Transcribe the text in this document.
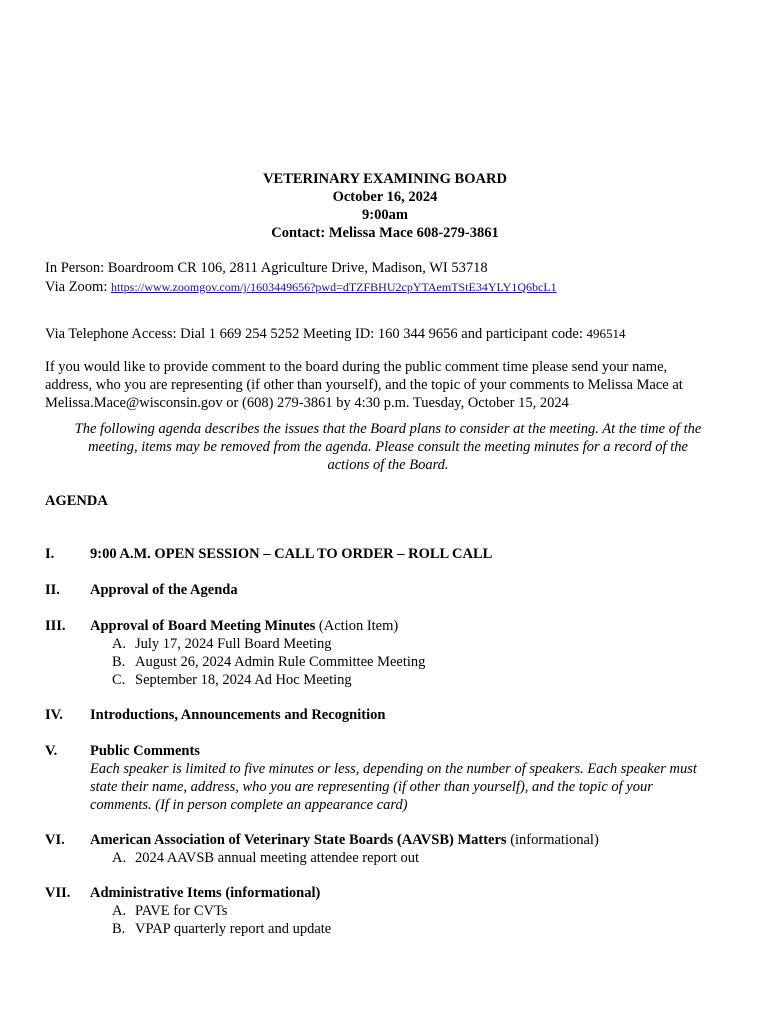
VETERINARY EXAMINING BOARD
October 16, 2024
9:00am
Contact: Melissa Mace 608-279-3861
In Person: Boardroom CR 106, 2811 Agriculture Drive, Madison, WI 53718
Via Zoom: https://www.zoomgov.com/j/1603449656?pwd=dTZFBHU2cpYTAemTStE34YLY1Q6bcL1
Via Telephone Access: Dial 1 669 254 5252 Meeting ID: 160 344 9656 and participant code: 496514
If you would like to provide comment to the board during the public comment time please send your name,
address, who you are representing (if other than yourself), and the topic of your comments to Melissa Mace at
Melissa.Mace@wisconsin.gov or (608) 279-3861 by 4:30 p.m. Tuesday, October 15, 2024
The following agenda describes the issues that the Board plans to consider at the meeting. At the time of the
meeting, items may be removed from the agenda. Please consult the meeting minutes for a record of the
actions of the Board.
AGENDA
I. 9:00 A.M. OPEN SESSION – CALL TO ORDER – ROLL CALL
II. Approval of the Agenda
III. Approval of Board Meeting Minutes (Action Item)
A. July 17, 2024 Full Board Meeting
B. August 26, 2024 Admin Rule Committee Meeting
C. September 18, 2024 Ad Hoc Meeting
IV. Introductions, Announcements and Recognition
V. Public Comments
Each speaker is limited to five minutes or less, depending on the number of speakers. Each speaker must
state their name, address, who you are representing (if other than yourself), and the topic of your
comments. (If in person complete an appearance card)
VI. American Association of Veterinary State Boards (AAVSB) Matters (informational)
A. 2024 AAVSB annual meeting attendee report out
VII. Administrative Items (informational)
A. PAVE for CVTs
B. VPAP quarterly report and update
